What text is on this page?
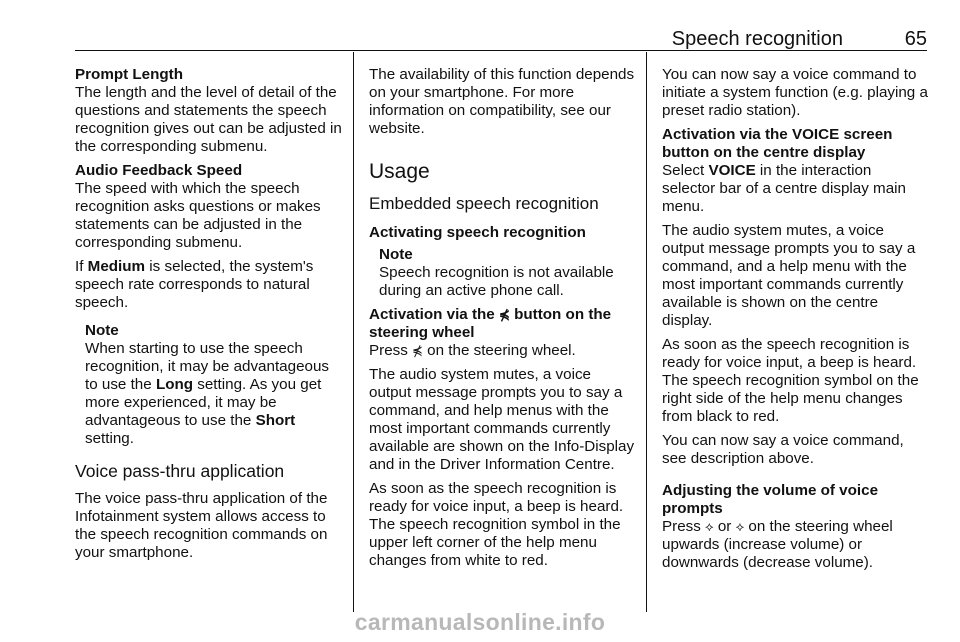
Speech recognition	65

Prompt Length
The length and the level of detail of the questions and statements the speech recognition gives out can be adjusted in the corresponding submenu.

Audio Feedback Speed
The speed with which the speech recognition asks questions or makes statements can be adjusted in the corresponding submenu.

If Medium is selected, the system's speech rate corresponds to natural speech.

Note

When starting to use the speech recognition, it may be advantageous to use the Long setting. As you get more experienced, it may be advantageous to use the Short setting.

Voice pass-thru application

The voice pass-thru application of the Infotainment system allows access to the speech recognition commands on your smartphone.

The availability of this function depends on your smartphone. For more information on compatibility, see our website.

Usage
Embedded speech recognition
Activating speech recognition
Note
Speech recognition is not available during an active phone call.

Activation via the ⋠ button on the steering wheel
Press ⋠ on the steering wheel.

The audio system mutes, a voice output message prompts you to say a command, and help menus with the most important commands currently available are shown on the Info-Display and in the Driver Information Centre.

As soon as the speech recognition is ready for voice input, a beep is heard. The speech recognition symbol in the upper left corner of the help menu changes from white to red.

You can now say a voice command to initiate a system function (e.g. playing a preset radio station).

Activation via the VOICE screen button on the centre display
Select VOICE in the interaction selector bar of a centre display main menu.

The audio system mutes, a voice output message prompts you to say a command, and a help menu with the most important commands currently available is shown on the centre display.

As soon as the speech recognition is ready for voice input, a beep is heard. The speech recognition symbol on the right side of the help menu changes from black to red.

You can now say a voice command, see description above.

Adjusting the volume of voice prompts
Press ⟡ or ⟡ on the steering wheel upwards (increase volume) or downwards (decrease volume).

carmanualsonline.info
